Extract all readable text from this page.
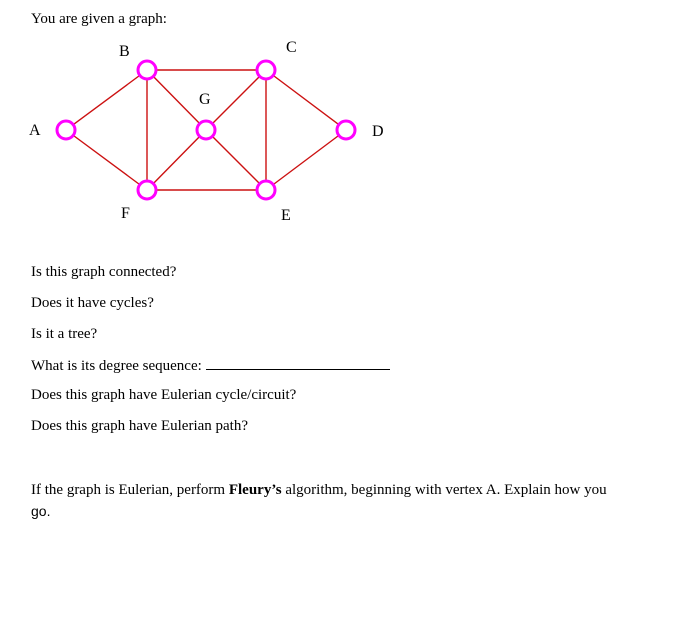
You are given a graph:

A
B	C
D
E
F
G

Is this graph connected?

Does it have cycles?

Is it a tree?

What is its degree sequence:

Does this graph have Eulerian cycle/circuit?

Does this graph have Eulerian path?

If the graph is Eulerian, perform Fleury’s algorithm, beginning with vertex A. Explain how you
go.
